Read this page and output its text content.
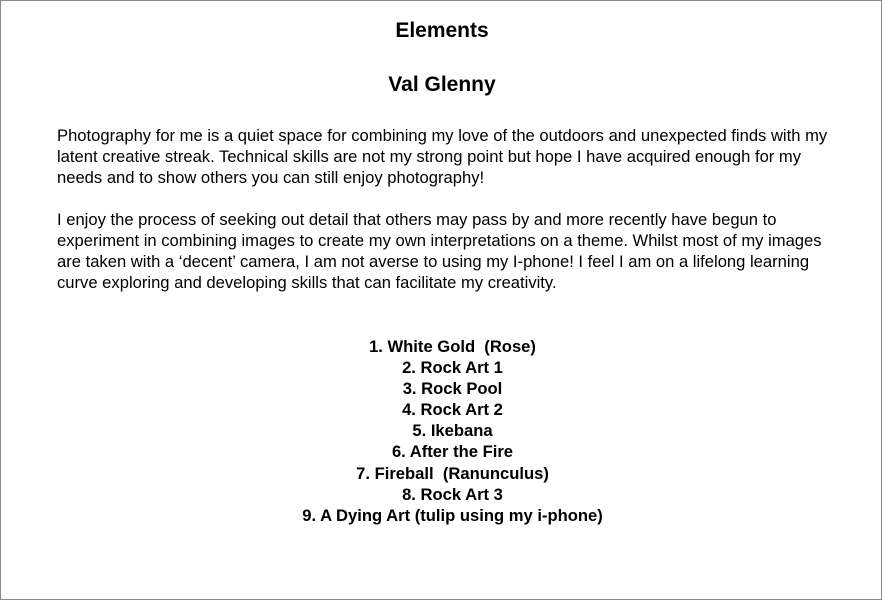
Elements
Val Glenny

Photography for me is a quiet space for combining my love of the outdoors and unexpected finds with my latent creative streak. Technical skills are not my strong point but hope I have acquired enough for my needs and to show others you can still enjoy photography!

I enjoy the process of seeking out detail that others may pass by and more recently have begun to experiment in combining images to create my own interpretations on a theme. Whilst most of my images are taken with a ‘decent’ camera, I am not averse to using my I-phone! I feel I am on a lifelong learning curve exploring and developing skills that can facilitate my creativity.

1. White Gold  (Rose)
2. Rock Art 1
3. Rock Pool
4. Rock Art 2
5. Ikebana
6. After the Fire
7. Fireball  (Ranunculus)
8. Rock Art 3
9. A Dying Art (tulip using my i-phone)
